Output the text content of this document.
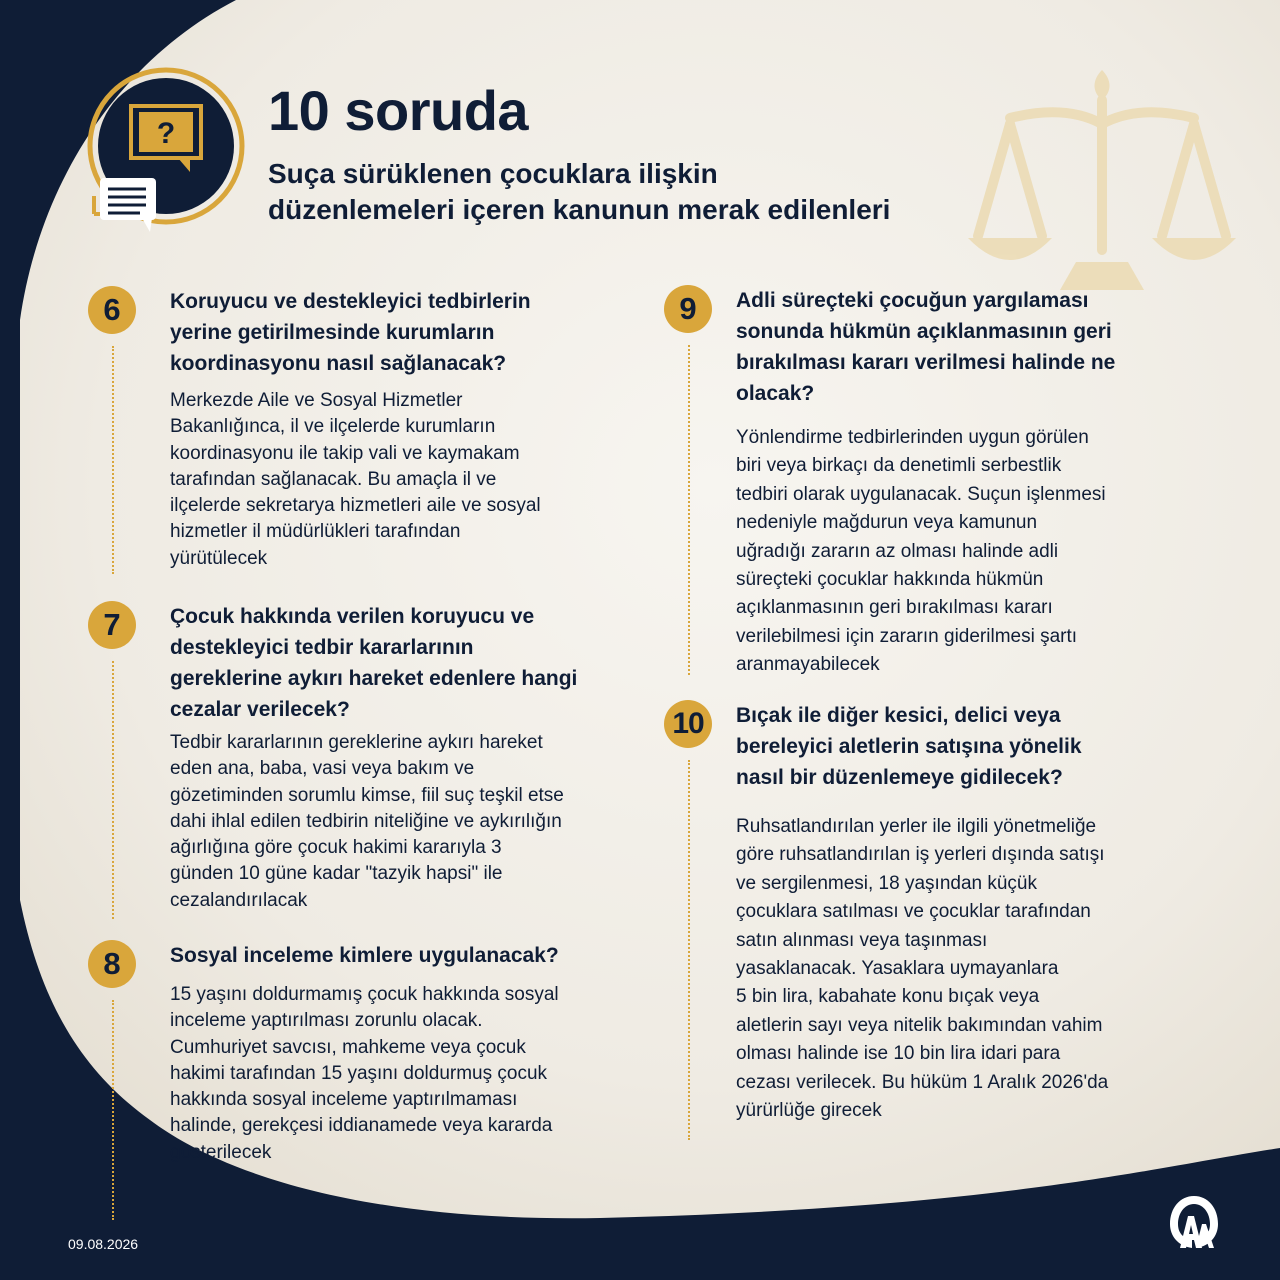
? 10 soruda
Suça sürüklenen çocuklara ilişkin
düzenlemeleri içeren kanunun merak edilenleri
6	Koruyucu ve destekleyici tedbirlerin
yerine getirilmesinde kurumların
koordinasyonu nasıl sağlanacak?
Merkezde Aile ve Sosyal Hizmetler
Bakanlığınca, il ve ilçelerde kurumların
koordinasyonu ile takip vali ve kaymakam
tarafından sağlanacak. Bu amaçla il ve
ilçelerde sekretarya hizmetleri aile ve sosyal
hizmetler il müdürlükleri tarafından
yürütülecek
7	Çocuk hakkında verilen koruyucu ve
destekleyici tedbir kararlarının
gereklerine aykırı hareket edenlere hangi
cezalar verilecek?
Tedbir kararlarının gereklerine aykırı hareket
eden ana, baba, vasi veya bakım ve
gözetiminden sorumlu kimse, fiil suç teşkil etse
dahi ihlal edilen tedbirin niteliğine ve aykırılığın
ağırlığına göre çocuk hakimi kararıyla 3
günden 10 güne kadar "tazyik hapsi" ile
cezalandırılacak
8	Sosyal inceleme kimlere uygulanacak?
15 yaşını doldurmamış çocuk hakkında sosyal
inceleme yaptırılması zorunlu olacak.
Cumhuriyet savcısı, mahkeme veya çocuk
hakimi tarafından 15 yaşını doldurmuş çocuk
hakkında sosyal inceleme yaptırılmaması
halinde, gerekçesi iddianamede veya kararda
gösterilecek
9	Adli süreçteki çocuğun yargılaması
sonunda hükmün açıklanmasının geri
bırakılması kararı verilmesi halinde ne
olacak?
Yönlendirme tedbirlerinden uygun görülen
biri veya birkaçı da denetimli serbestlik
tedbiri olarak uygulanacak. Suçun işlenmesi
nedeniyle mağdurun veya kamunun
uğradığı zararın az olması halinde adli
süreçteki çocuklar hakkında hükmün
açıklanmasının geri bırakılması kararı
verilebilmesi için zararın giderilmesi şartı
aranmayabilecek
10	Bıçak ile diğer kesici, delici veya
bereleyici aletlerin satışına yönelik
nasıl bir düzenlemeye gidilecek?
Ruhsatlandırılan yerler ile ilgili yönetmeliğe
göre ruhsatlandırılan iş yerleri dışında satışı
ve sergilenmesi, 18 yaşından küçük
çocuklara satılması ve çocuklar tarafından
satın alınması veya taşınması
yasaklanacak. Yasaklara uymayanlara
5 bin lira, kabahate konu bıçak veya
aletlerin sayı veya nitelik bakımından vahim
olması halinde ise 10 bin lira idari para
cezası verilecek. Bu hüküm 1 Aralık 2026'da
yürürlüğe girecek
09.08.2026
